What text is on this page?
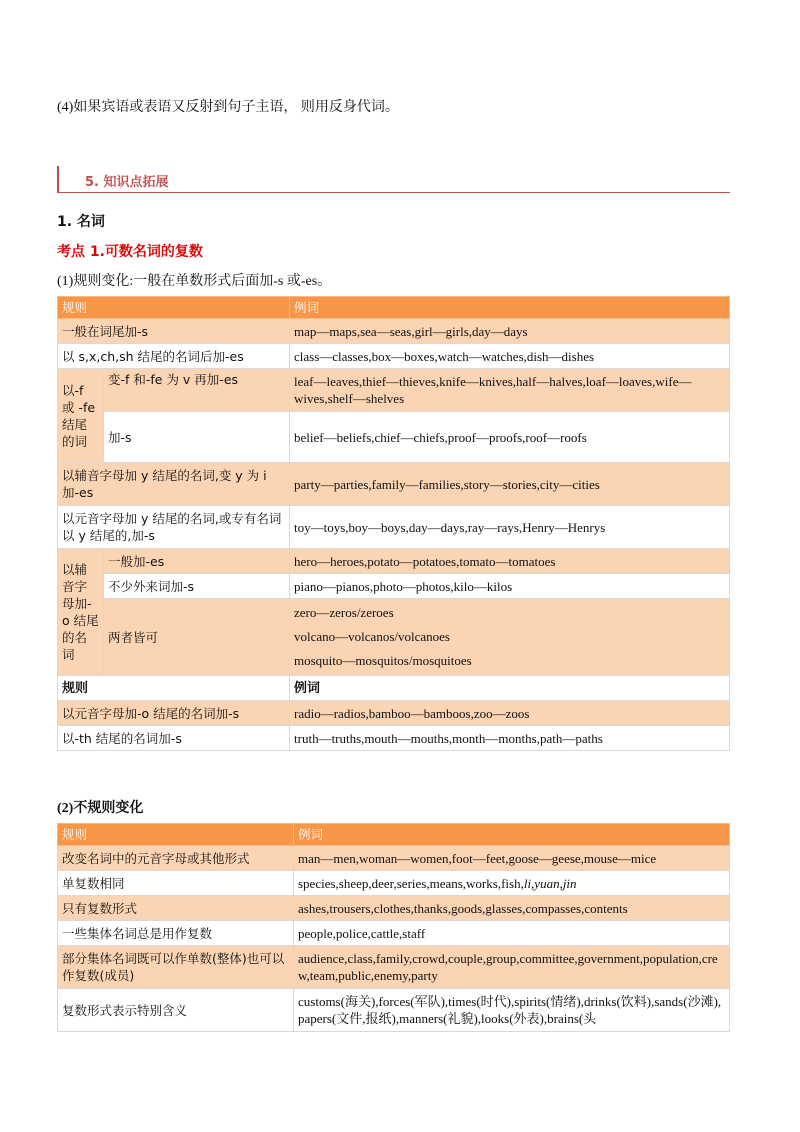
(4)如果宾语或表语又反射到句子主语， 则用反身代词。
5. 知识点拓展
1. 名词
考点 1.可数名词的复数
(1)规则变化:一般在单数形式后面加-s 或-es。
规则		例词
一般在词尾加-s		map—maps,sea—seas,girl—girls,day—days
以 s,x,ch,sh 结尾的名词后加-es		class—classes,box—boxes,watch—watches,dish—dishes
以-f 或 -fe 结尾 的词	变-f 和-fe 为 v 再加-es	leaf—leaves,thief—thieves,knife—knives,half—halves,loaf—loaves,wife—wives,shelf—shelves
	加-s	belief—beliefs,chief—chiefs,proof—proofs,roof—roofs
以辅音字母加 y 结尾的名词,变 y 为 i 加-es		party—parties,family—families,story—stories,city—cities
以元音字母加 y 结尾的名词,或专有名词以 y 结尾的,加-s		toy—toys,boy—boys,day—days,ray—rays,Henry—Henrys
以辅 音字 母加-o 结尾 的名 词	一般加-es	hero—heroes,potato—potatoes,tomato—tomatoes
	不少外来词加-s	piano—pianos,photo—photos,kilo—kilos
	两者皆可	zero—zeros/zeroes
volcano—volcanos/volcanoes
mosquito—mosquitos/mosquitoes

规则		例词
以元音字母加-o 结尾的名词加-s		radio—radios,bamboo—bamboos,zoo—zoos
以-th 结尾的名词加-s		truth—truths,mouth—mouths,month—months,path—paths
(2)不规则变化
规则	例词
改变名词中的元音字母或其他形式	man—men,woman—women,foot—feet,goose—geese,mouse—mice
单复数相同	species,sheep,deer,series,means,works,fish,li,yuan,jin
只有复数形式	ashes,trousers,clothes,thanks,goods,glasses,compasses,contents
一些集体名词总是用作复数	people,police,cattle,staff
部分集体名词既可以作单数(整体)也可以作复数(成员)	audience,class,family,crowd,couple,group,committee,government,population,crew,team,public,enemy,party
复数形式表示特别含义	customs(海关),forces(军队),times(时代),spirits(情绪),drinks(饮料),sands(沙滩),papers(文件,报纸),manners(礼貌),looks(外表),brains(头
